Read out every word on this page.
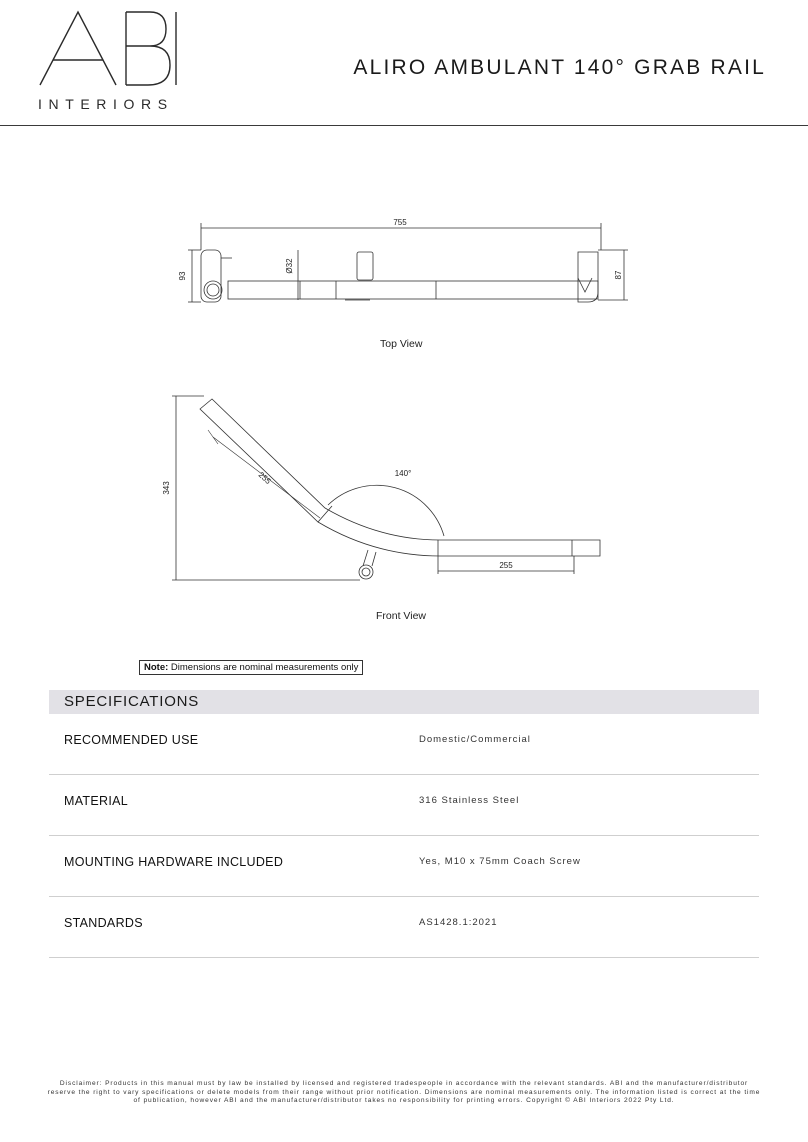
INTERIORS
ALIRO AMBULANT 140° GRAB RAIL
755
93	87
Ø32
343
255
255
140°
Top View
Front View
Note: Dimensions are nominal measurements only
SPECIFICATIONS
RECOMMENDED USE	Domestic/Commercial
MATERIAL	316 Stainless Steel
MOUNTING HARDWARE INCLUDED	Yes, M10 x 75mm Coach Screw
STANDARDS	AS1428.1:2021
Disclaimer: Products in this manual must by law be installed by licensed and registered tradespeople in accordance with the relevant standards. ABI and the manufacturer/distributor
reserve the right to vary specifications or delete models from their range without prior notification. Dimensions are nominal measurements only. The information listed is correct at the time
of publication, however ABI and the manufacturer/distributor takes no responsibility for printing errors. Copyright © ABI Interiors 2022 Pty Ltd.
